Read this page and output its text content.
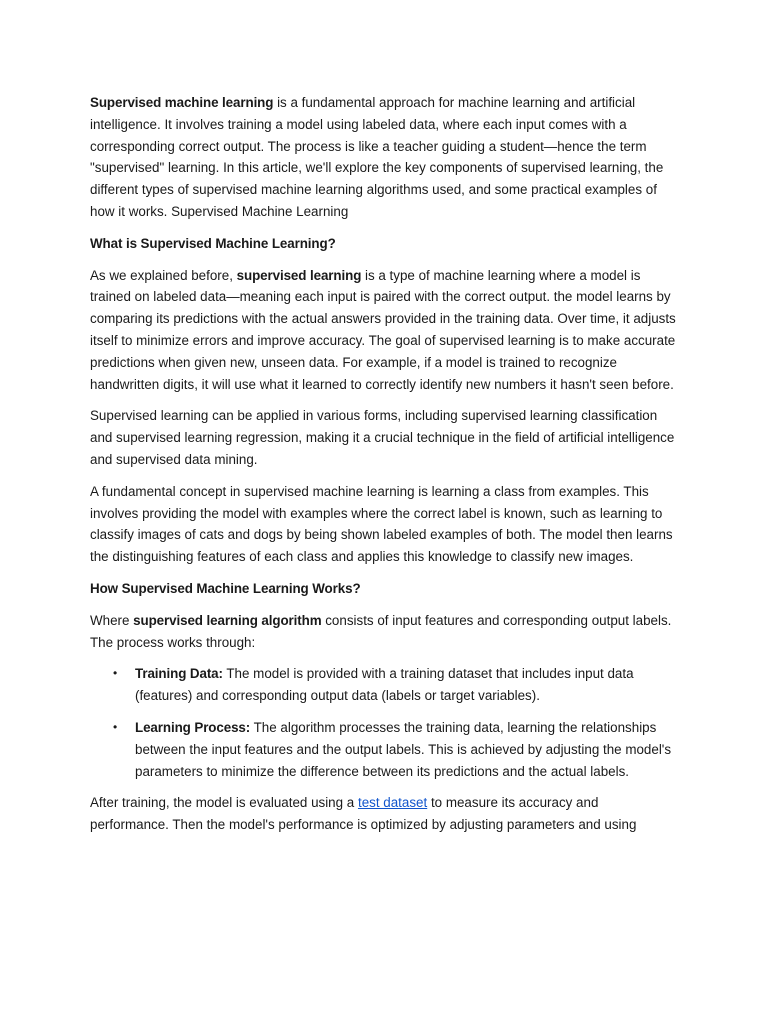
Supervised machine learning is a fundamental approach for machine learning and artificial intelligence. It involves training a model using labeled data, where each input comes with a corresponding correct output. The process is like a teacher guiding a student—hence the term "supervised" learning. In this article, we'll explore the key components of supervised learning, the different types of supervised machine learning algorithms used, and some practical examples of how it works. Supervised Machine Learning

What is Supervised Machine Learning?

As we explained before, supervised learning is a type of machine learning where a model is trained on labeled data—meaning each input is paired with the correct output. the model learns by comparing its predictions with the actual answers provided in the training data. Over time, it adjusts itself to minimize errors and improve accuracy. The goal of supervised learning is to make accurate predictions when given new, unseen data. For example, if a model is trained to recognize handwritten digits, it will use what it learned to correctly identify new numbers it hasn't seen before.

Supervised learning can be applied in various forms, including supervised learning classification and supervised learning regression, making it a crucial technique in the field of artificial intelligence and supervised data mining.

A fundamental concept in supervised machine learning is learning a class from examples. This involves providing the model with examples where the correct label is known, such as learning to classify images of cats and dogs by being shown labeled examples of both. The model then learns the distinguishing features of each class and applies this knowledge to classify new images.

How Supervised Machine Learning Works?

Where supervised learning algorithm consists of input features and corresponding output labels. The process works through:

• Training Data: The model is provided with a training dataset that includes input data (features) and corresponding output data (labels or target variables).
• Learning Process: The algorithm processes the training data, learning the relationships between the input features and the output labels. This is achieved by adjusting the model's parameters to minimize the difference between its predictions and the actual labels.

After training, the model is evaluated using a test dataset to measure its accuracy and performance. Then the model's performance is optimized by adjusting parameters and using
